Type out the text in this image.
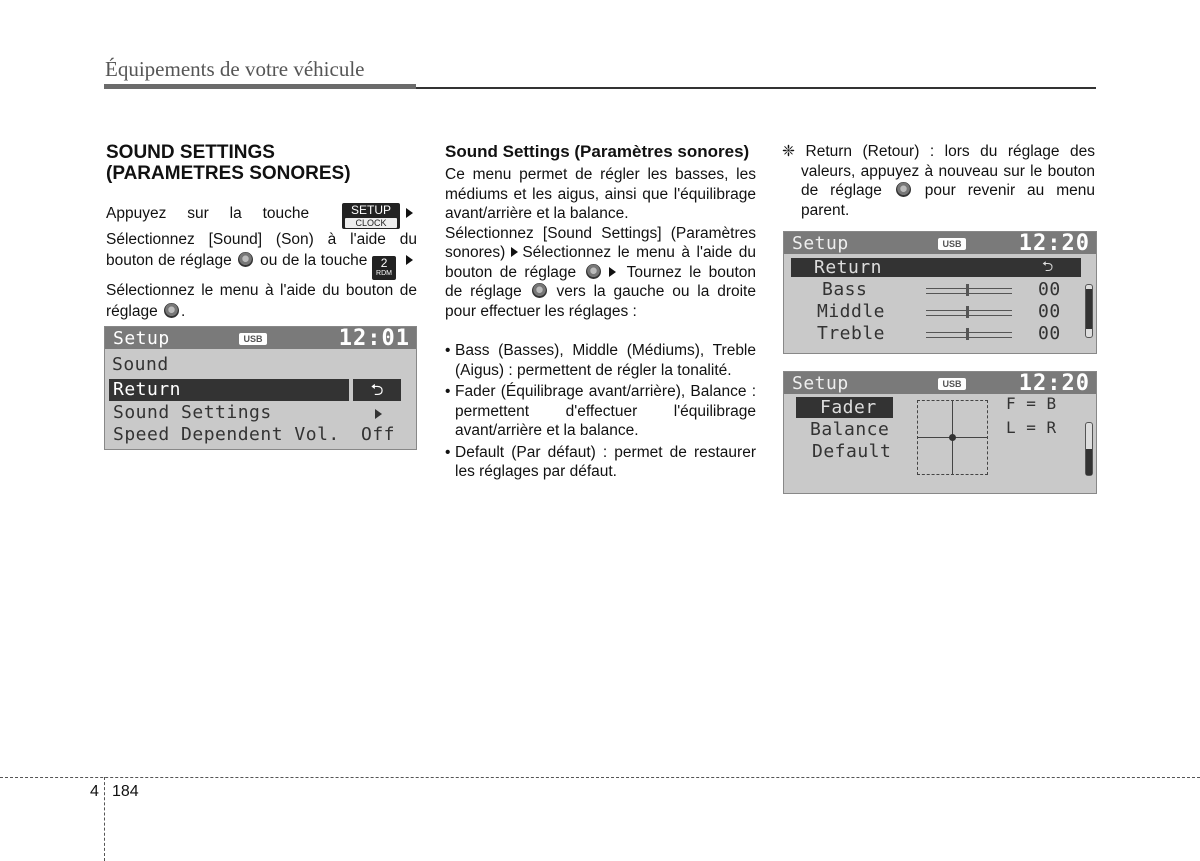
Équipements de votre véhicule
SOUND SETTINGS (PARAMETRES SONORES)

Appuyez sur la touche	SETUP
CLOCK
Sélectionnez [Sound] (Son) à l'aide du bouton de réglage ou de la touche 2
RDM
Sélectionnez le menu à l'aide du bouton de réglage .

Setup	USB	12:01
Sound
Return	⮌
Sound Settings
Speed Dependent Vol. Off
Sound Settings (Paramètres sonores)

Ce menu permet de régler les basses, les médiums et les aigus, ainsi que l'équilibrage avant/arrière et la balance.

Sélectionnez [Sound Settings] (Paramètres sonores) Sélectionnez le menu à l'aide du bouton de réglage	Tournez le bouton de réglage vers la gauche ou la droite pour effectuer les réglages :

• Bass (Basses), Middle (Médiums), Treble (Aigus) : permettent de régler la tonalité.
• Fader (Équilibrage avant/arrière), Balance : permettent d'effectuer l'équilibrage avant/arrière et la balance.
• Default (Par défaut) : permet de restaurer les réglages par défaut.

❈ Return (Retour) : lors du réglage des valeurs, appuyez à nouveau sur le bouton de réglage	pour revenir au menu parent.

Setup	USB	12:20
Return	⮌
Bass	00
Middle	00
Treble	00
Setup	USB	12:20
Fader
Balance
Default
F = B
L = R
4 184
